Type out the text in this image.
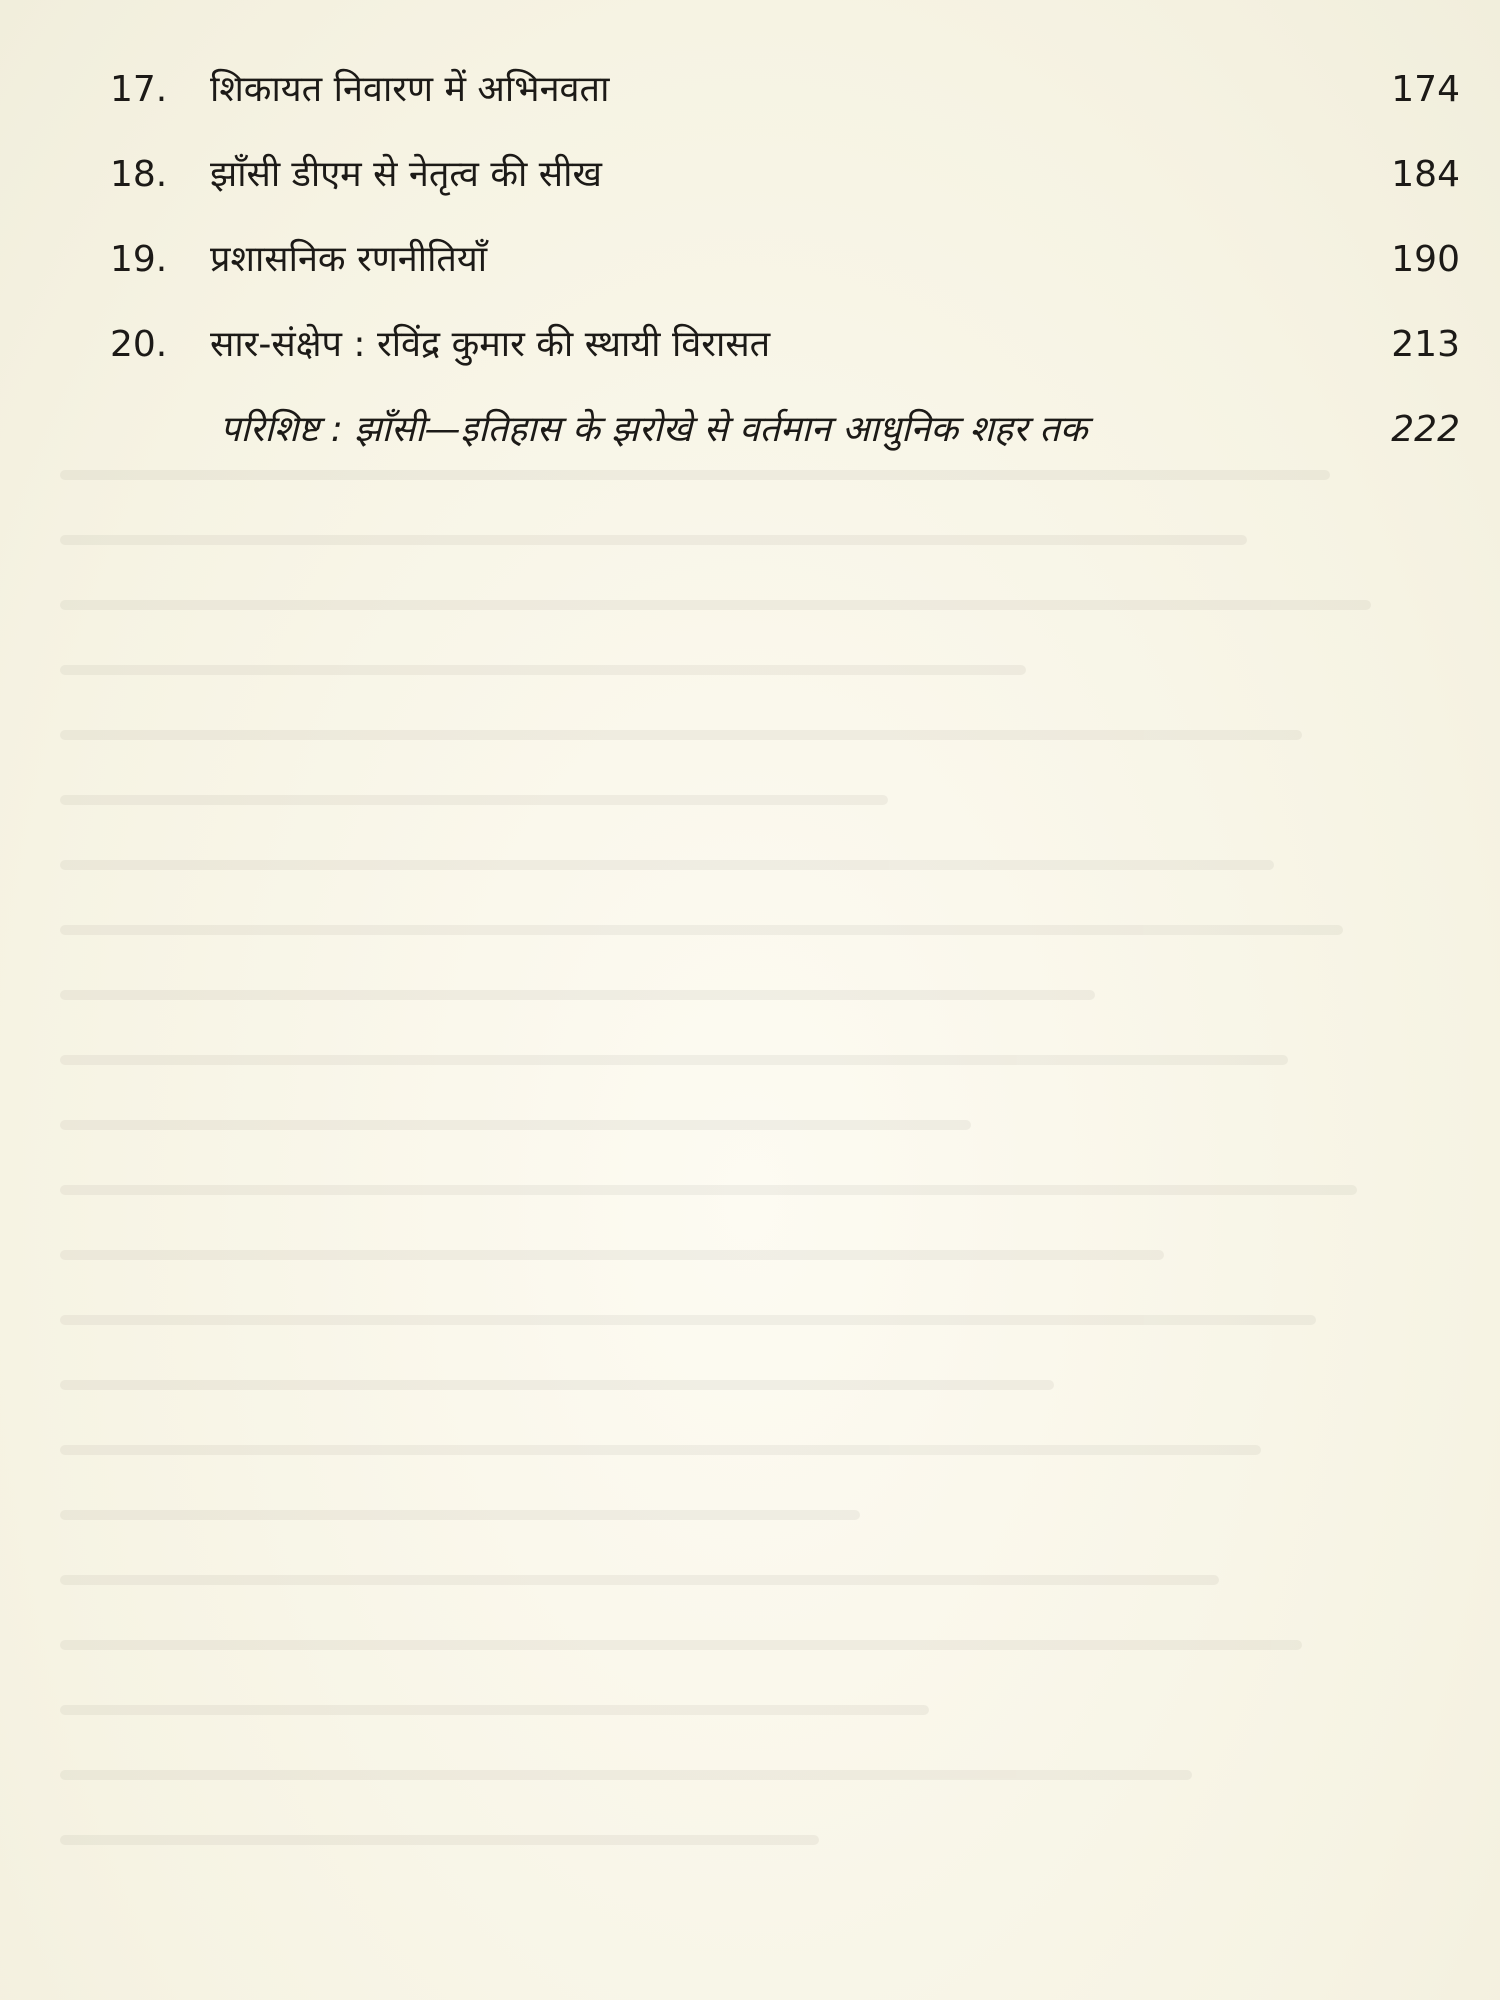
17.	शिकायत निवारण में अभिनवता	174
18.	झाँसी डीएम से नेतृत्व की सीख	184
19.	प्रशासनिक रणनीतियाँ	190
20.	सार-संक्षेप : रविंद्र कुमार की स्थायी विरासत	213
परिशिष्ट : झाँसी—इतिहास के झरोखे से वर्तमान आधुनिक शहर तक	222
